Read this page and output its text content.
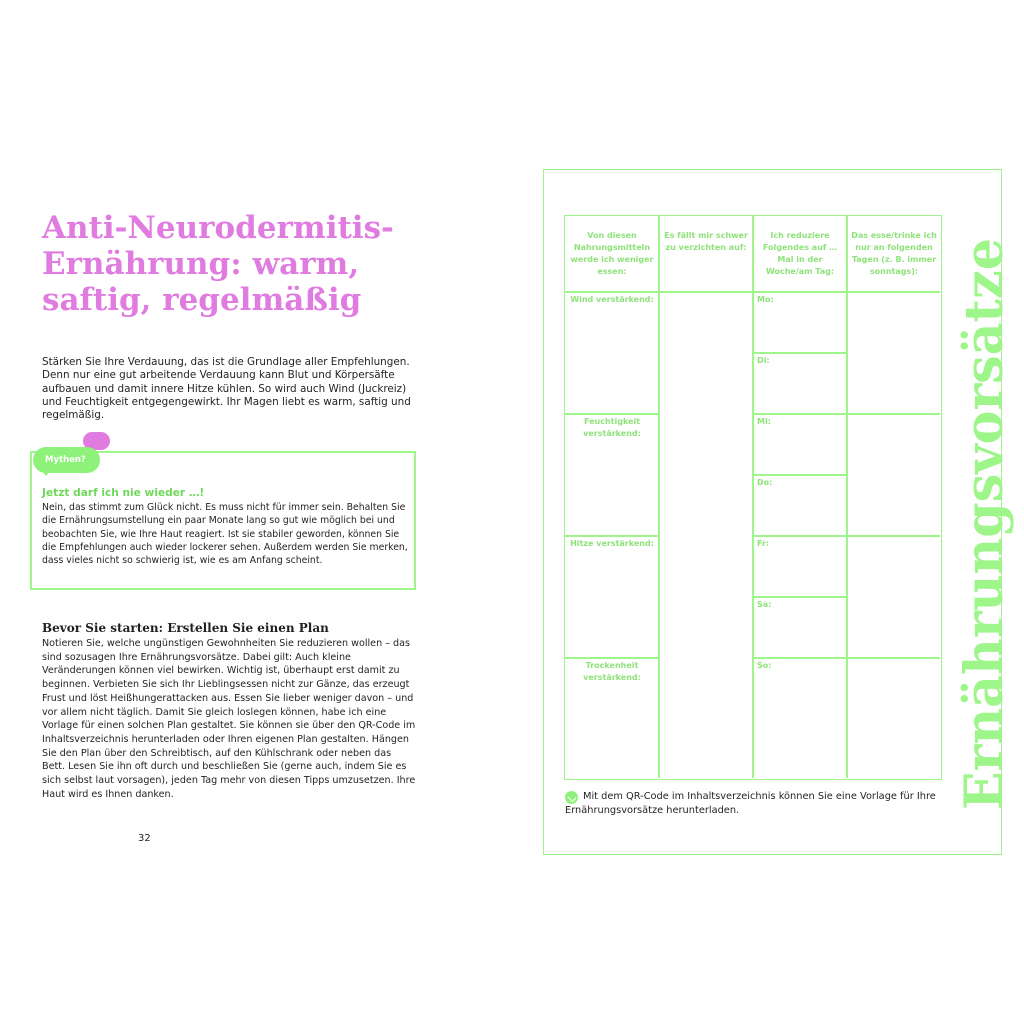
Anti-Neurodermitis-
Ernährung: warm,
saftig, regelmäßig

Stärken Sie Ihre Verdauung, das ist die Grundlage aller Empfehlungen. Denn nur eine gut arbeitende Verdauung kann Blut und Körpersäfte aufbauen und damit innere Hitze kühlen. So wird auch Wind (Juckreiz) und Feuchtigkeit entgegengewirkt. Ihr Magen liebt es warm, saftig und regelmäßig.

Mythen?

Jetzt darf ich nie wieder …!

Nein, das stimmt zum Glück nicht. Es muss nicht für immer sein. Behalten Sie die Ernährungsumstellung ein paar Monate lang so gut wie möglich bei und beobachten Sie, wie Ihre Haut reagiert. Ist sie stabiler geworden, können Sie die Empfehlungen auch wieder lockerer sehen. Außerdem werden Sie merken, dass vieles nicht so schwierig ist, wie es am Anfang scheint.

Bevor Sie starten: Erstellen Sie einen Plan

Notieren Sie, welche ungünstigen Gewohnheiten Sie reduzieren wollen – das sind sozusagen Ihre Ernährungsvorsätze. Dabei gilt: Auch kleine Veränderungen können viel bewirken. Wichtig ist, überhaupt erst damit zu beginnen. Verbieten Sie sich Ihr Lieblingsessen nicht zur Gänze, das erzeugt Frust und löst Heißhungerattacken aus. Essen Sie lieber weniger davon – und vor allem nicht täglich. Damit Sie gleich loslegen können, habe ich eine Vorlage für einen solchen Plan gestaltet. Sie können sie über den QR-Code im Inhaltsverzeichnis herunterladen oder Ihren eigenen Plan gestalten. Hängen Sie den Plan über den Schreibtisch, auf den Kühlschrank oder neben das Bett. Lesen Sie ihn oft durch und beschließen Sie (gerne auch, indem Sie es sich selbst laut vorsagen), jeden Tag mehr von diesen Tipps umzusetzen. Ihre Haut wird es Ihnen danken.

32
Von diesen Nahrungsmitteln werde ich weniger essen:
Es fällt mir schwer zu verzichten auf:
Ich reduziere Folgendes auf … Mal in der Woche/am Tag:
Das esse/trinke ich nur an folgenden Tagen (z. B. immer sonntags):
Wind verstärkend:
Feuchtigkeit verstärkend:
Hitze verstärkend:
Trockenheit verstärkend:
Mo:
Di:
Mi:
Do:
Fr:
Sa:
So:	Ernährungsvorsätze

Mit dem QR-Code im Inhaltsverzeichnis können Sie eine Vorlage für Ihre Ernährungsvorsätze herunterladen.
